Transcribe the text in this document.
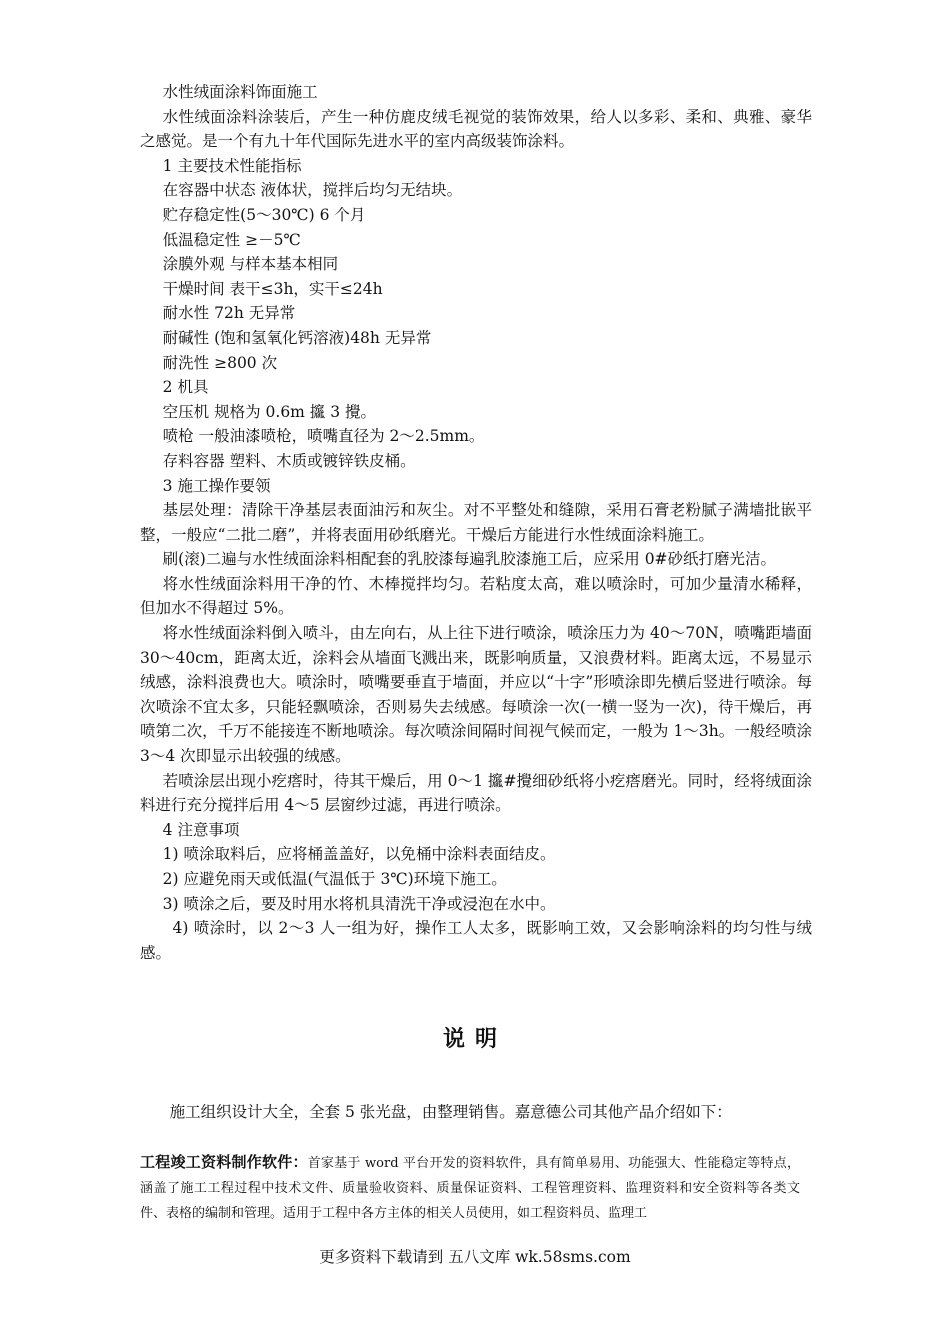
水性绒面涂料饰面施工

水性绒面涂料涂装后，产生一种仿鹿皮绒毛视觉的装饰效果，给人以多彩、柔和、典雅、豪华之感觉。是一个有九十年代国际先进水平的室内高级装饰涂料。

1 主要技术性能指标

在容器中状态 液体状，搅拌后均匀无结块。

贮存稳定性(5～30℃) 6 个月

低温稳定性 ≥－5℃

涂膜外观 与样本基本相同

干燥时间 表干≤3h，实干≤24h

耐水性 72h 无异常

耐碱性 (饱和氢氧化钙溶液)48h 无异常

耐洗性 ≥800 次

2 机具

空压机 规格为 0.6m 攨 3 攪。

喷枪 一般油漆喷枪，喷嘴直径为 2～2.5mm。

存料容器 塑料、木质或镀锌铁皮桶。

3 施工操作要领

基层处理：清除干净基层表面油污和灰尘。对不平整处和缝隙，采用石膏老粉腻子满墙批嵌平整，一般应“二批二磨”，并将表面用砂纸磨光。干燥后方能进行水性绒面涂料施工。

刷(滚)二遍与水性绒面涂料相配套的乳胶漆每遍乳胶漆施工后，应采用 0#砂纸打磨光洁。

将水性绒面涂料用干净的竹、木棒搅拌均匀。若粘度太高，难以喷涂时，可加少量清水稀释，但加水不得超过 5%。

将水性绒面涂料倒入喷斗，由左向右，从上往下进行喷涂，喷涂压力为 40～70N，喷嘴距墙面 30～40cm，距离太近，涂料会从墙面飞溅出来，既影响质量，又浪费材料。距离太远，不易显示绒感，涂料浪费也大。喷涂时，喷嘴要垂直于墙面，并应以“十字”形喷涂即先横后竖进行喷涂。每次喷涂不宜太多，只能轻飘喷涂，否则易失去绒感。每喷涂一次(一横一竖为一次)，待干燥后，再喷第二次，千万不能接连不断地喷涂。每次喷涂间隔时间视气候而定，一般为 1～3h。一般经喷涂 3～4 次即显示出较强的绒感。

若喷涂层出现小疙瘩时，待其干燥后，用 0～1 攨#攪细砂纸将小疙瘩磨光。同时，经将绒面涂料进行充分搅拌后用 4～5 层窗纱过滤，再进行喷涂。

4 注意事项

1) 喷涂取料后，应将桶盖盖好，以免桶中涂料表面结皮。

2) 应避免雨天或低温(气温低于 3℃)环境下施工。

3) 喷涂之后，要及时用水将机具清洗干净或浸泡在水中。

4) 喷涂时，以 2～3 人一组为好，操作工人太多，既影响工效，又会影响涂料的均匀性与绒感。

说明

施工组织设计大全，全套 5 张光盘，由整理销售。嘉意德公司其他产品介绍如下：

工程竣工资料制作软件：首家基于 word 平台开发的资料软件，具有简单易用、功能强大、性能稳定等特点，涵盖了施工工程过程中技术文件、质量验收资料、质量保证资料、工程管理资料、监理资料和安全资料等各类文件、表格的编制和管理。适用于工程中各方主体的相关人员使用，如工程资料员、监理工

更多资料下载请到 五八文库 wk.58sms.com
